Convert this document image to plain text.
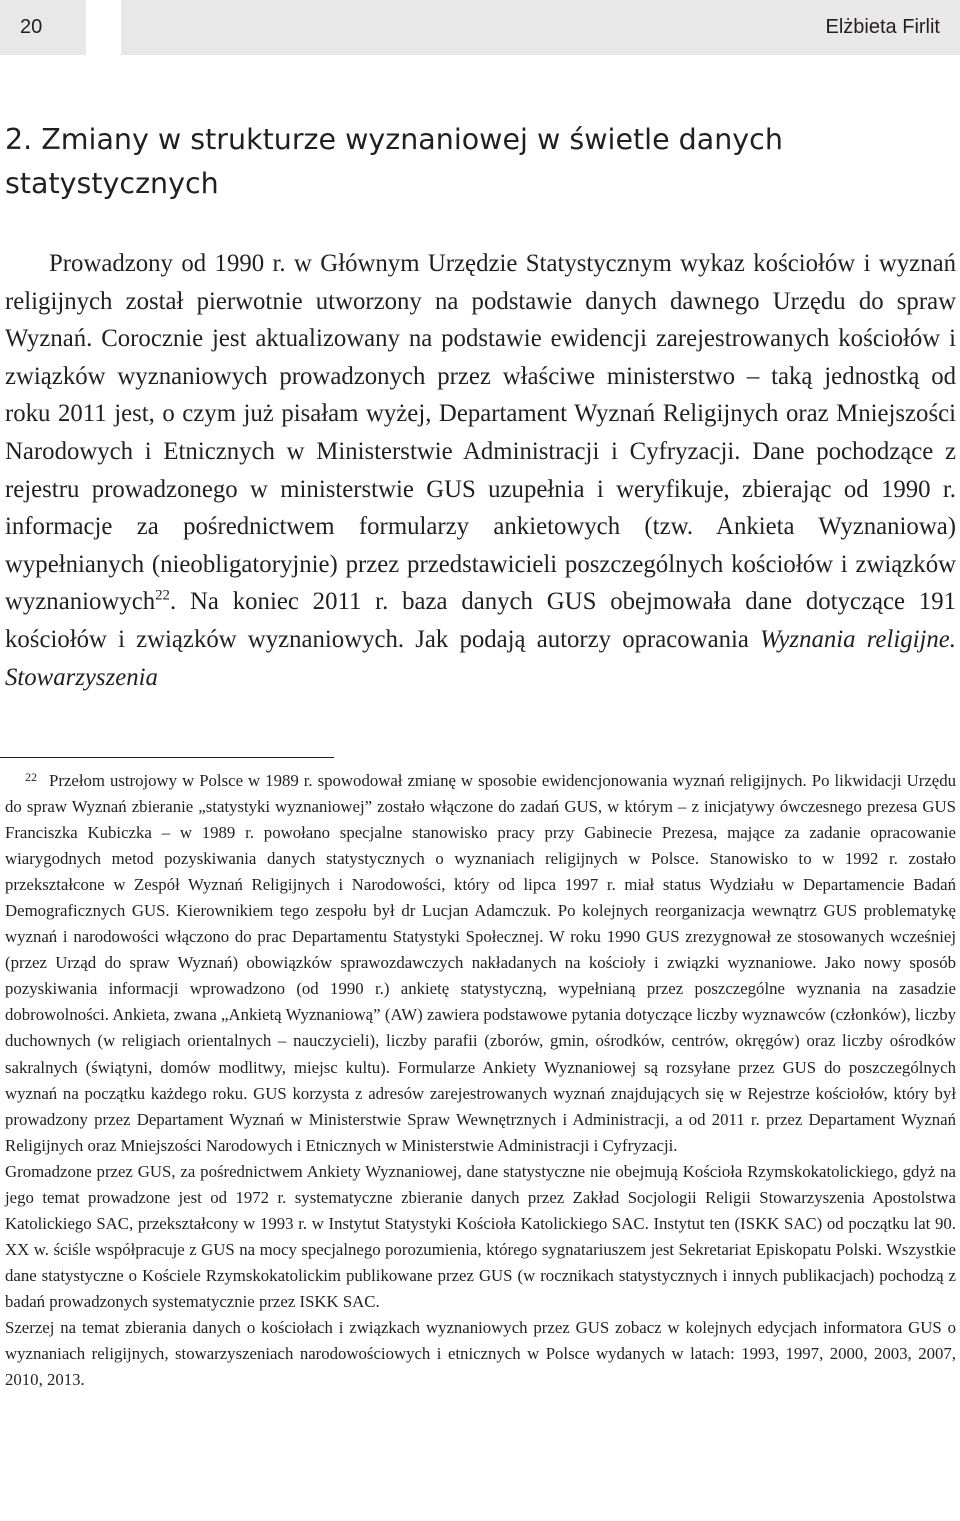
20	Elżbieta Firlit
2. Zmiany w strukturze wyznaniowej w świetle danych statystycznych

Prowadzony od 1990 r. w Głównym Urzędzie Statystycznym wykaz kościołów i wyznań religijnych został pierwotnie utworzony na podstawie danych dawnego Urzędu do spraw Wyznań. Corocznie jest aktualizowany na podstawie ewidencji zarejestrowanych kościołów i związków wyznaniowych prowadzonych przez właściwe ministerstwo – taką jednostką od roku 2011 jest, o czym już pisałam wyżej, Departament Wyznań Religijnych oraz Mniejszości Narodowych i Etnicznych w Ministerstwie Administracji i Cyfryzacji. Dane pochodzące z rejestru prowadzonego w ministerstwie GUS uzupełnia i weryfikuje, zbierając od 1990 r. informacje za pośrednictwem formularzy ankietowych (tzw. Ankieta Wyznaniowa) wypełnianych (nieobligatoryjnie) przez przedstawicieli poszczególnych kościołów i związków wyznaniowych$^{22}$. Na koniec 2011 r. baza danych GUS obejmowała dane dotyczące 191 kościołów i związków wyznaniowych. Jak podają autorzy opracowania Wyznania religijne. Stowarzyszenia

22 Przełom ustrojowy w Polsce w 1989 r. spowodował zmianę w sposobie ewidencjonowania wyznań religijnych. Po likwidacji Urzędu do spraw Wyznań zbieranie „statystyki wyznaniowej” zostało włączone do zadań GUS, w którym – z inicjatywy ówczesnego prezesa GUS Franciszka Kubiczka – w 1989 r. powołano specjalne stanowisko pracy przy Gabinecie Prezesa, mające za zadanie opracowanie wiarygodnych metod pozyskiwania danych statystycznych o wyznaniach religijnych w Polsce. Stanowisko to w 1992 r. zostało przekształcone w Zespół Wyznań Religijnych i Narodowości, który od lipca 1997 r. miał status Wydziału w Departamencie Badań Demograficznych GUS. Kierownikiem tego zespołu był dr Lucjan Adamczuk. Po kolejnych reorganizacja wewnątrz GUS problematykę wyznań i narodowości włączono do prac Departamentu Statystyki Społecznej. W roku 1990 GUS zrezygnował ze stosowanych wcześniej (przez Urząd do spraw Wyznań) obowiązków sprawozdawczych nakładanych na kościoły i związki wyznaniowe. Jako nowy sposób pozyskiwania informacji wprowadzono (od 1990 r.) ankietę statystyczną, wypełnianą przez poszczególne wyznania na zasadzie dobrowolności. Ankieta, zwana „Ankietą Wyznaniową” (AW) zawiera podstawowe pytania dotyczące liczby wyznawców (członków), liczby duchownych (w religiach orientalnych – nauczycieli), liczby parafii (zborów, gmin, ośrodków, centrów, okręgów) oraz liczby ośrodków sakralnych (świątyni, domów modlitwy, miejsc kultu). Formularze Ankiety Wyznaniowej są rozsyłane przez GUS do poszczególnych wyznań na początku każdego roku. GUS korzysta z adresów zarejestrowanych wyznań znajdujących się w Rejestrze kościołów, który był prowadzony przez Departament Wyznań w Ministerstwie Spraw Wewnętrznych i Administracji, a od 2011 r. przez Departament Wyznań Religijnych oraz Mniejszości Narodowych i Etnicznych w Ministerstwie Administracji i Cyfryzacji.

Gromadzone przez GUS, za pośrednictwem Ankiety Wyznaniowej, dane statystyczne nie obejmują Kościoła Rzymskokatolickiego, gdyż na jego temat prowadzone jest od 1972 r. systematyczne zbieranie danych przez Zakład Socjologii Religii Stowarzyszenia Apostolstwa Katolickiego SAC, przekształcony w 1993 r. w Instytut Statystyki Kościoła Katolickiego SAC. Instytut ten (ISKK SAC) od początku lat 90. XX w. ściśle współpracuje z GUS na mocy specjalnego porozumienia, którego sygnatariuszem jest Sekretariat Episkopatu Polski. Wszystkie dane statystyczne o Kościele Rzymskokatolickim publikowane przez GUS (w rocznikach statystycznych i innych publikacjach) pochodzą z badań prowadzonych systematycznie przez ISKK SAC.

Szerzej na temat zbierania danych o kościołach i związkach wyznaniowych przez GUS zobacz w kolejnych edycjach informatora GUS o wyznaniach religijnych, stowarzyszeniach narodowościowych i etnicznych w Polsce wydanych w latach: 1993, 1997, 2000, 2003, 2007, 2010, 2013.
